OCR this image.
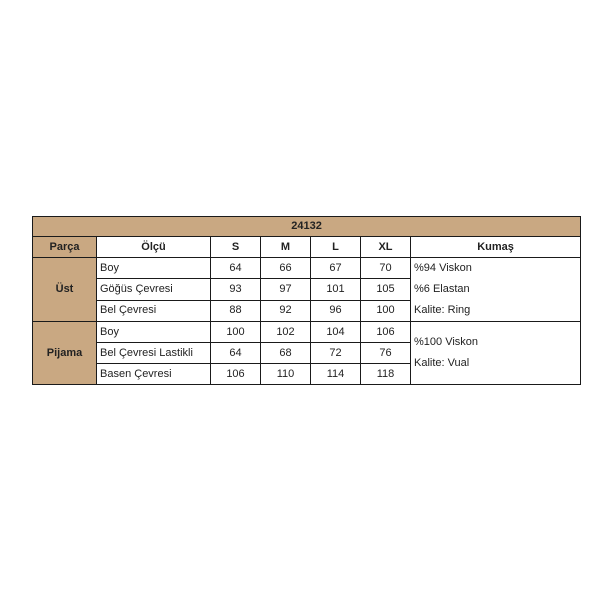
24132						
Parça	Ölçü	S	M	L	XL	Kumaş
Üst	Boy	64	66	67	70	%94 Viskon
%6 Elastan
Kalite: Ring

	Göğüs Çevresi	93	97	101	105	
	Bel Çevresi	88	92	96	100	
Pijama	Boy	100	102	104	106	%100 Viskon
Kalite: Vual

	Bel Çevresi Lastikli	64	68	72	76	
	Basen Çevresi	106	110	114	118	
